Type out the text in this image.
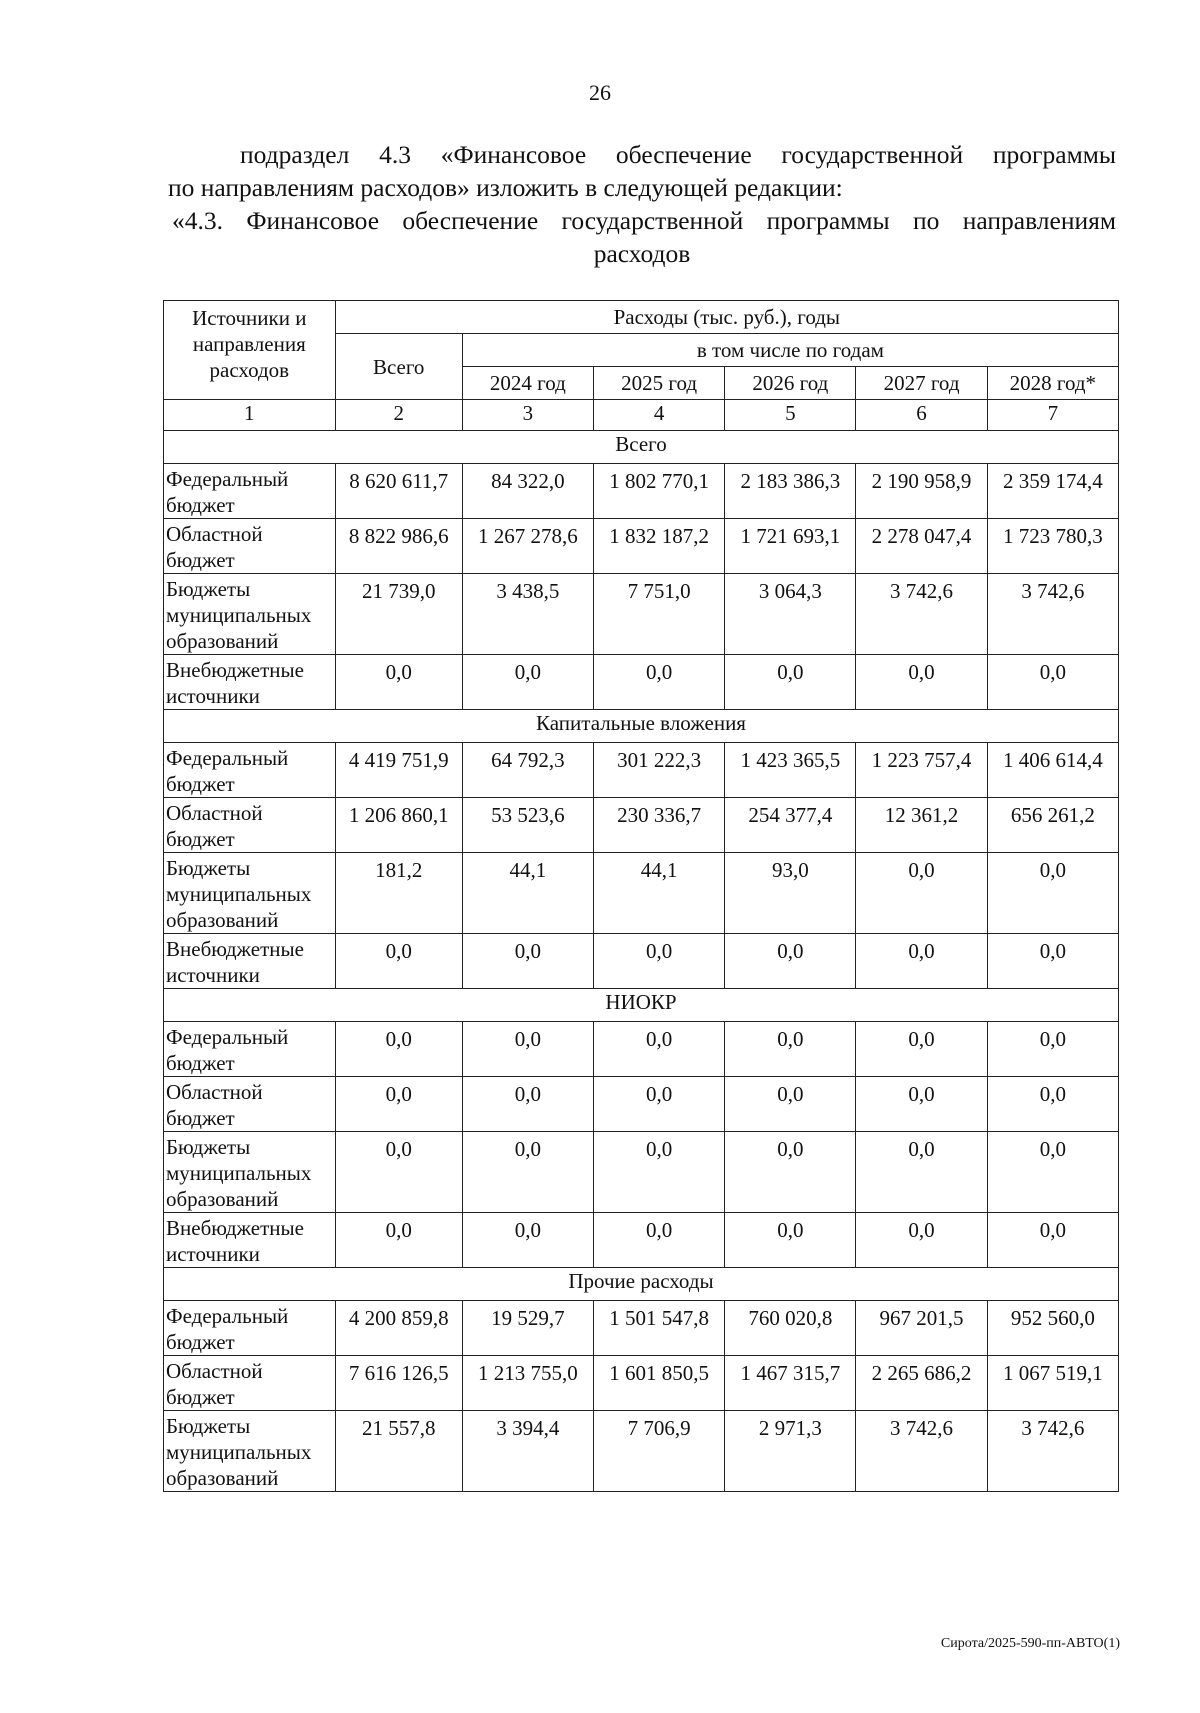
26
подраздел 4.3 «Финансовое обеспечение государственной программы
по направлениям расходов» изложить в следующей редакции:
«4.3. Финансовое обеспечение государственной программы по направлениям
расходов
Источники и направления расходов	Расходы (тыс. руб.), годы					
	Всего	в том числе по годам				
		2024 год	2025 год	2026 год	2027 год	2028 год*
1	2	3	4	5	6	7
Всего						
Федеральный бюджет	8 620 611,7	84 322,0	1 802 770,1	2 183 386,3	2 190 958,9	2 359 174,4
Областной бюджет	8 822 986,6	1 267 278,6	1 832 187,2	1 721 693,1	2 278 047,4	1 723 780,3
Бюджеты муниципальных образований	21 739,0	3 438,5	7 751,0	3 064,3	3 742,6	3 742,6
Внебюджетные источники	0,0	0,0	0,0	0,0	0,0	0,0
Капитальные вложения						
Федеральный бюджет	4 419 751,9	64 792,3	301 222,3	1 423 365,5	1 223 757,4	1 406 614,4
Областной бюджет	1 206 860,1	53 523,6	230 336,7	254 377,4	12 361,2	656 261,2
Бюджеты муниципальных образований	181,2	44,1	44,1	93,0	0,0	0,0
Внебюджетные источники	0,0	0,0	0,0	0,0	0,0	0,0
НИОКР						
Федеральный бюджет	0,0	0,0	0,0	0,0	0,0	0,0
Областной бюджет	0,0	0,0	0,0	0,0	0,0	0,0
Бюджеты муниципальных образований	0,0	0,0	0,0	0,0	0,0	0,0
Внебюджетные источники	0,0	0,0	0,0	0,0	0,0	0,0
Прочие расходы						
Федеральный бюджет	4 200 859,8	19 529,7	1 501 547,8	760 020,8	967 201,5	952 560,0
Областной бюджет	7 616 126,5	1 213 755,0	1 601 850,5	1 467 315,7	2 265 686,2	1 067 519,1
Бюджеты муниципальных образований	21 557,8	3 394,4	7 706,9	2 971,3	3 742,6	3 742,6
Сирота/2025-590-пп-АВТО(1)
